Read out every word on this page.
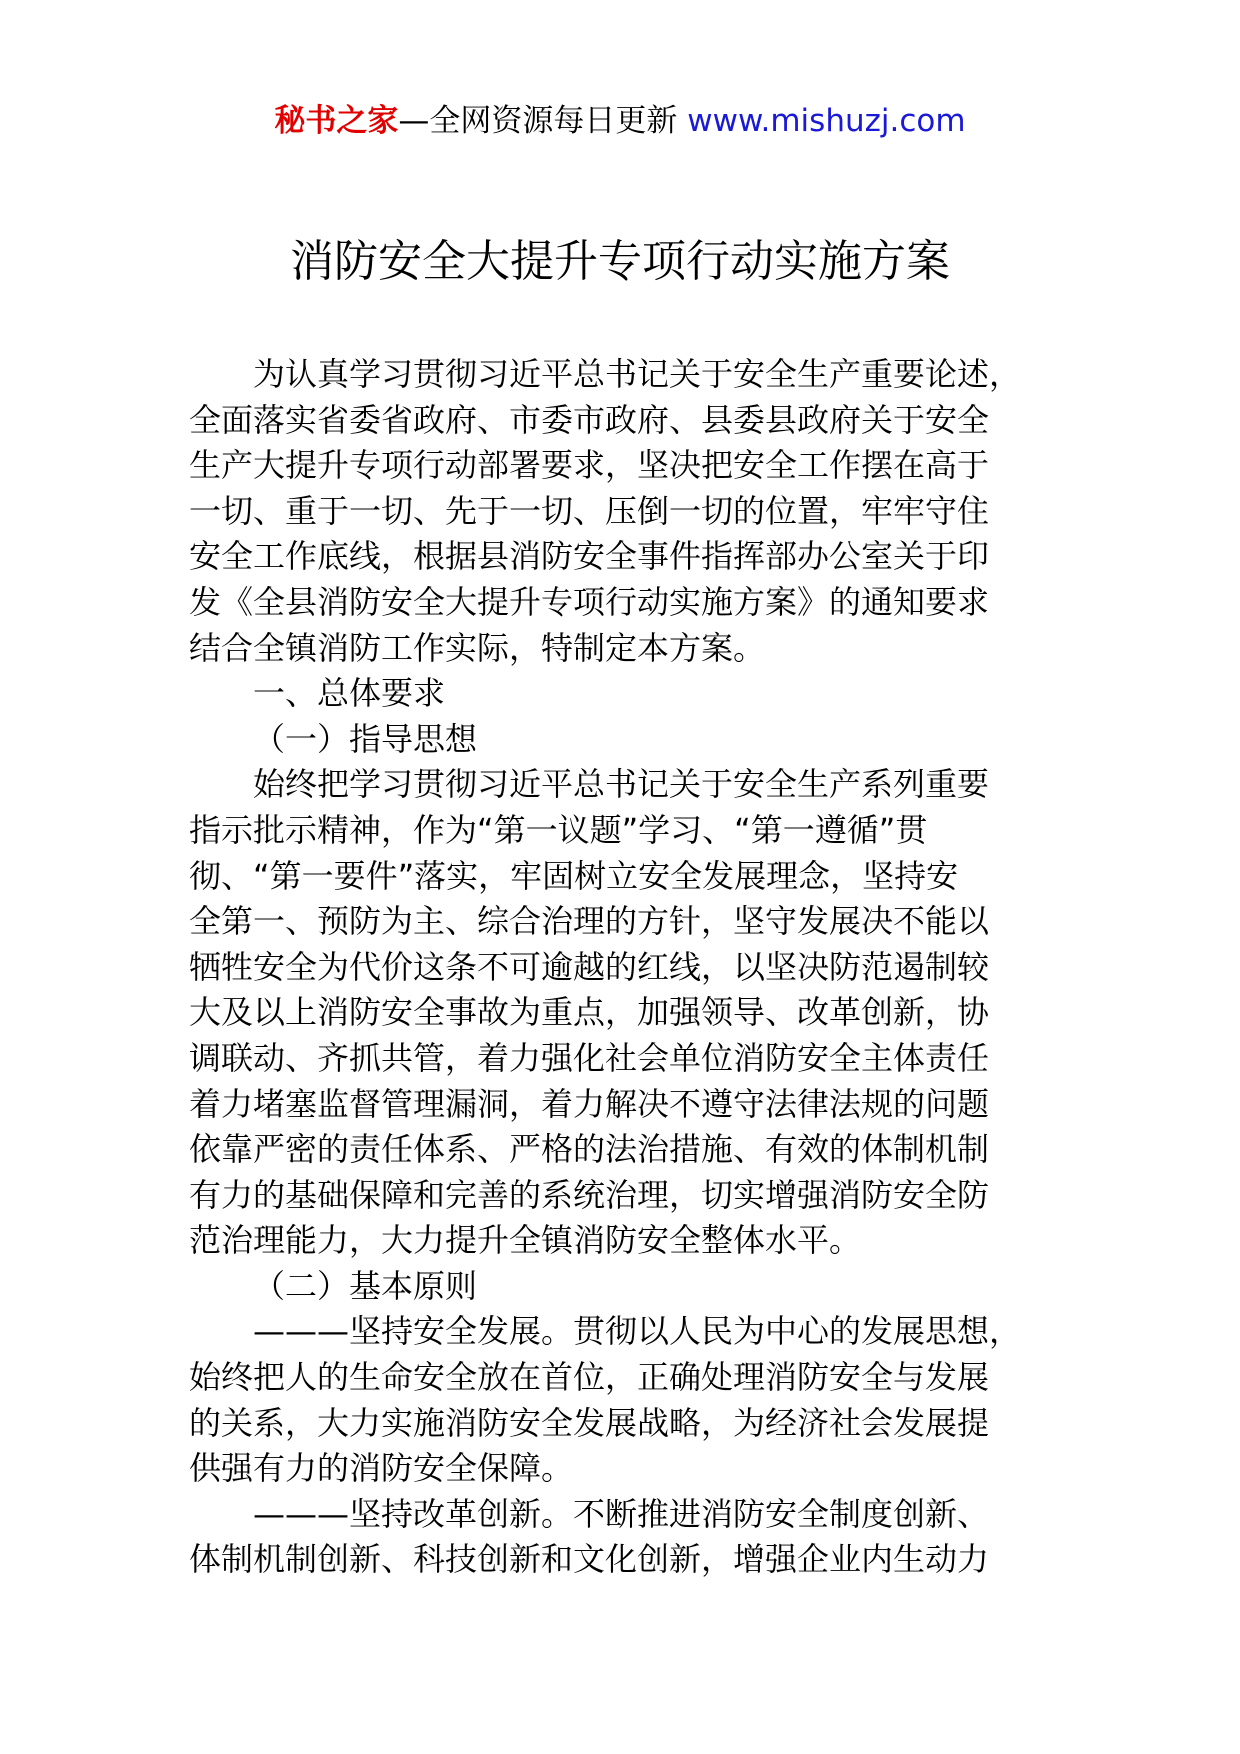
秘书之家—全网资源每日更新 www.mishuzj.com
消防安全大提升专项行动实施方案
为认真学习贯彻习近平总书记关于安全生产重要论述，
全面落实省委省政府、市委市政府、县委县政府关于安全
生产大提升专项行动部署要求，坚决把安全工作摆在高于
一切、重于一切、先于一切、压倒一切的位置，牢牢守住
安全工作底线，根据县消防安全事件指挥部办公室关于印
发《全县消防安全大提升专项行动实施方案》的通知要求
结合全镇消防工作实际，特制定本方案。
一、总体要求
（一）指导思想
始终把学习贯彻习近平总书记关于安全生产系列重要
指示批示精神，作为“第一议题”学习、“第一遵循”贯
彻、“第一要件”落实，牢固树立安全发展理念，坚持安
全第一、预防为主、综合治理的方针，坚守发展决不能以
牺牲安全为代价这条不可逾越的红线，以坚决防范遏制较
大及以上消防安全事故为重点，加强领导、改革创新，协
调联动、齐抓共管，着力强化社会单位消防安全主体责任
着力堵塞监督管理漏洞，着力解决不遵守法律法规的问题
依靠严密的责任体系、严格的法治措施、有效的体制机制
有力的基础保障和完善的系统治理，切实增强消防安全防
范治理能力，大力提升全镇消防安全整体水平。
（二）基本原则
———坚持安全发展。贯彻以人民为中心的发展思想，
始终把人的生命安全放在首位，正确处理消防安全与发展
的关系，大力实施消防安全发展战略，为经济社会发展提
供强有力的消防安全保障。
———坚持改革创新。不断推进消防安全制度创新、
体制机制创新、科技创新和文化创新，增强企业内生动力
